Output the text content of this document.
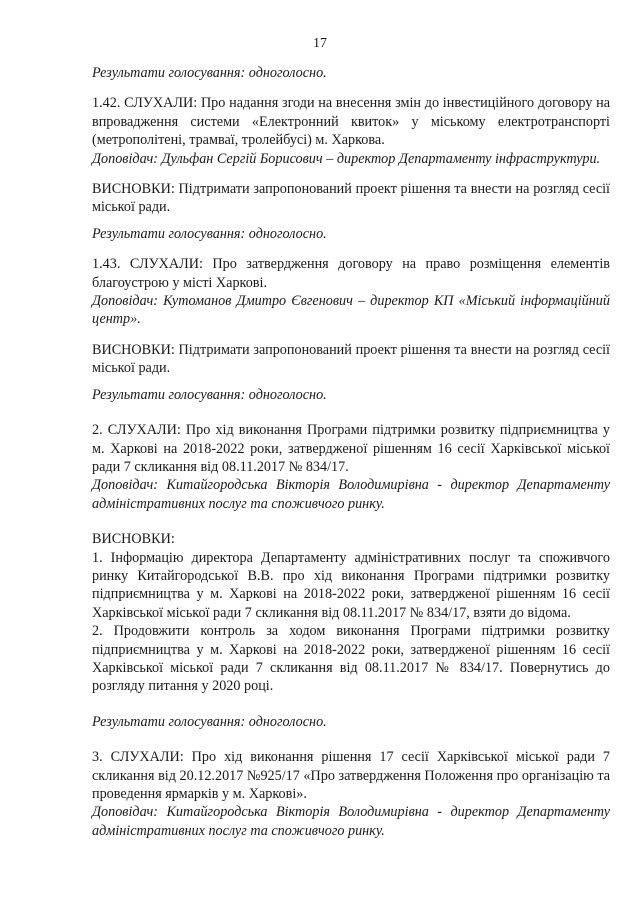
17

Результати голосування: одноголосно.

1.42. СЛУХАЛИ: Про надання згоди на внесення змін до інвестиційного договору на впровадження системи «Електронний квиток» у міському електротранспорті (метрополітені, трамваї, тролейбусі) м. Харкова.

Доповідач: Дульфан Сергій Борисович – директор Департаменту інфраструктури.

ВИСНОВКИ: Підтримати запропонований проект рішення та внести на розгляд сесії міської ради.

Результати голосування: одноголосно.

1.43. СЛУХАЛИ: Про затвердження договору на право розміщення елементів благоустрою у місті Харкові.

Доповідач: Кутоманов Дмитро Євгенович – директор КП «Міський інформаційний центр».

ВИСНОВКИ: Підтримати запропонований проект рішення та внести на розгляд сесії міської ради.

Результати голосування: одноголосно.

2. СЛУХАЛИ: Про хід виконання Програми підтримки розвитку підприємництва у м. Харкові на 2018-2022 роки, затвердженої рішенням 16 сесії Харківської міської ради 7 скликання від 08.11.2017 № 834/17.

Доповідач: Китайгородська Вікторія Володимирівна - директор Департаменту адміністративних послуг та споживчого ринку.

ВИСНОВКИ:

1. Інформацію директора Департаменту адміністративних послуг та споживчого ринку Китайгородської В.В. про хід виконання Програми підтримки розвитку підприємництва у м. Харкові на 2018-2022 роки, затвердженої рішенням 16 сесії Харківської міської ради 7 скликання від 08.11.2017 № 834/17, взяти до відома.

2. Продовжити контроль за ходом виконання Програми підтримки розвитку підприємництва у м. Харкові на 2018-2022 роки, затвердженої рішенням 16 сесії Харківської міської ради 7 скликання від 08.11.2017 № 834/17. Повернутись до розгляду питання у 2020 році.

Результати голосування: одноголосно.

3. СЛУХАЛИ: Про хід виконання рішення 17 сесії Харківської міської ради 7 скликання від 20.12.2017 №925/17 «Про затвердження Положення про організацію та проведення ярмарків у м. Харкові».

Доповідач: Китайгородська Вікторія Володимирівна - директор Департаменту адміністративних послуг та споживчого ринку.
